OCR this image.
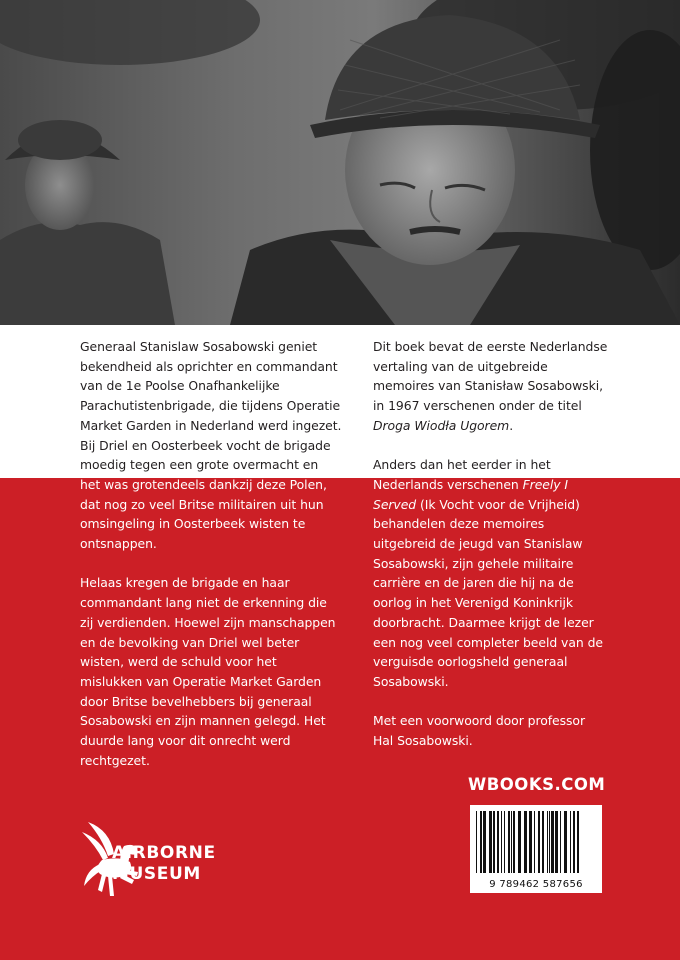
Generaal Stanislaw Sosabowski geniet bekendheid als oprichter en commandant van de 1e Poolse Onafhankelijke Parachutistenbrigade, die tijdens Operatie Market Garden in Nederland werd ingezet. Bij Driel en Oosterbeek vocht de brigade moedig tegen een grote overmacht en

Dit boek bevat de eerste Nederlandse vertaling van de uitgebreide memoires van Stanisław Sosabowski, in 1967 verschenen onder de titel Droga Wiodła Ugorem.

Anders dan het eerder in het

het was grotendeels dankzij deze Polen, dat nog zo veel Britse militairen uit hun omsingeling in Oosterbeek wisten te ontsnappen.

Helaas kregen de brigade en haar commandant lang niet de erkenning die zij verdienden. Hoewel zijn manschappen en de bevolking van Driel wel beter wisten, werd de schuld voor het mislukken van Operatie Market Garden door Britse bevelhebbers bij generaal Sosabowski en zijn mannen gelegd. Het duurde lang voor dit onrecht werd rechtgezet.

Nederlands verschenen Freely I Served (Ik Vocht voor de Vrijheid) behandelen deze memoires uitgebreid de jeugd van Stanislaw Sosabowski, zijn gehele militaire carrière en de jaren die hij na de oorlog in het Verenigd Koninkrijk doorbracht. Daarmee krijgt de lezer een nog veel completer beeld van de verguisde oorlogsheld generaal Sosabowski.

Met een voorwoord door professor Hal Sosabowski.

WBOOKS.COM
9 789462 587656
AIRBORNE
MUSEUM
